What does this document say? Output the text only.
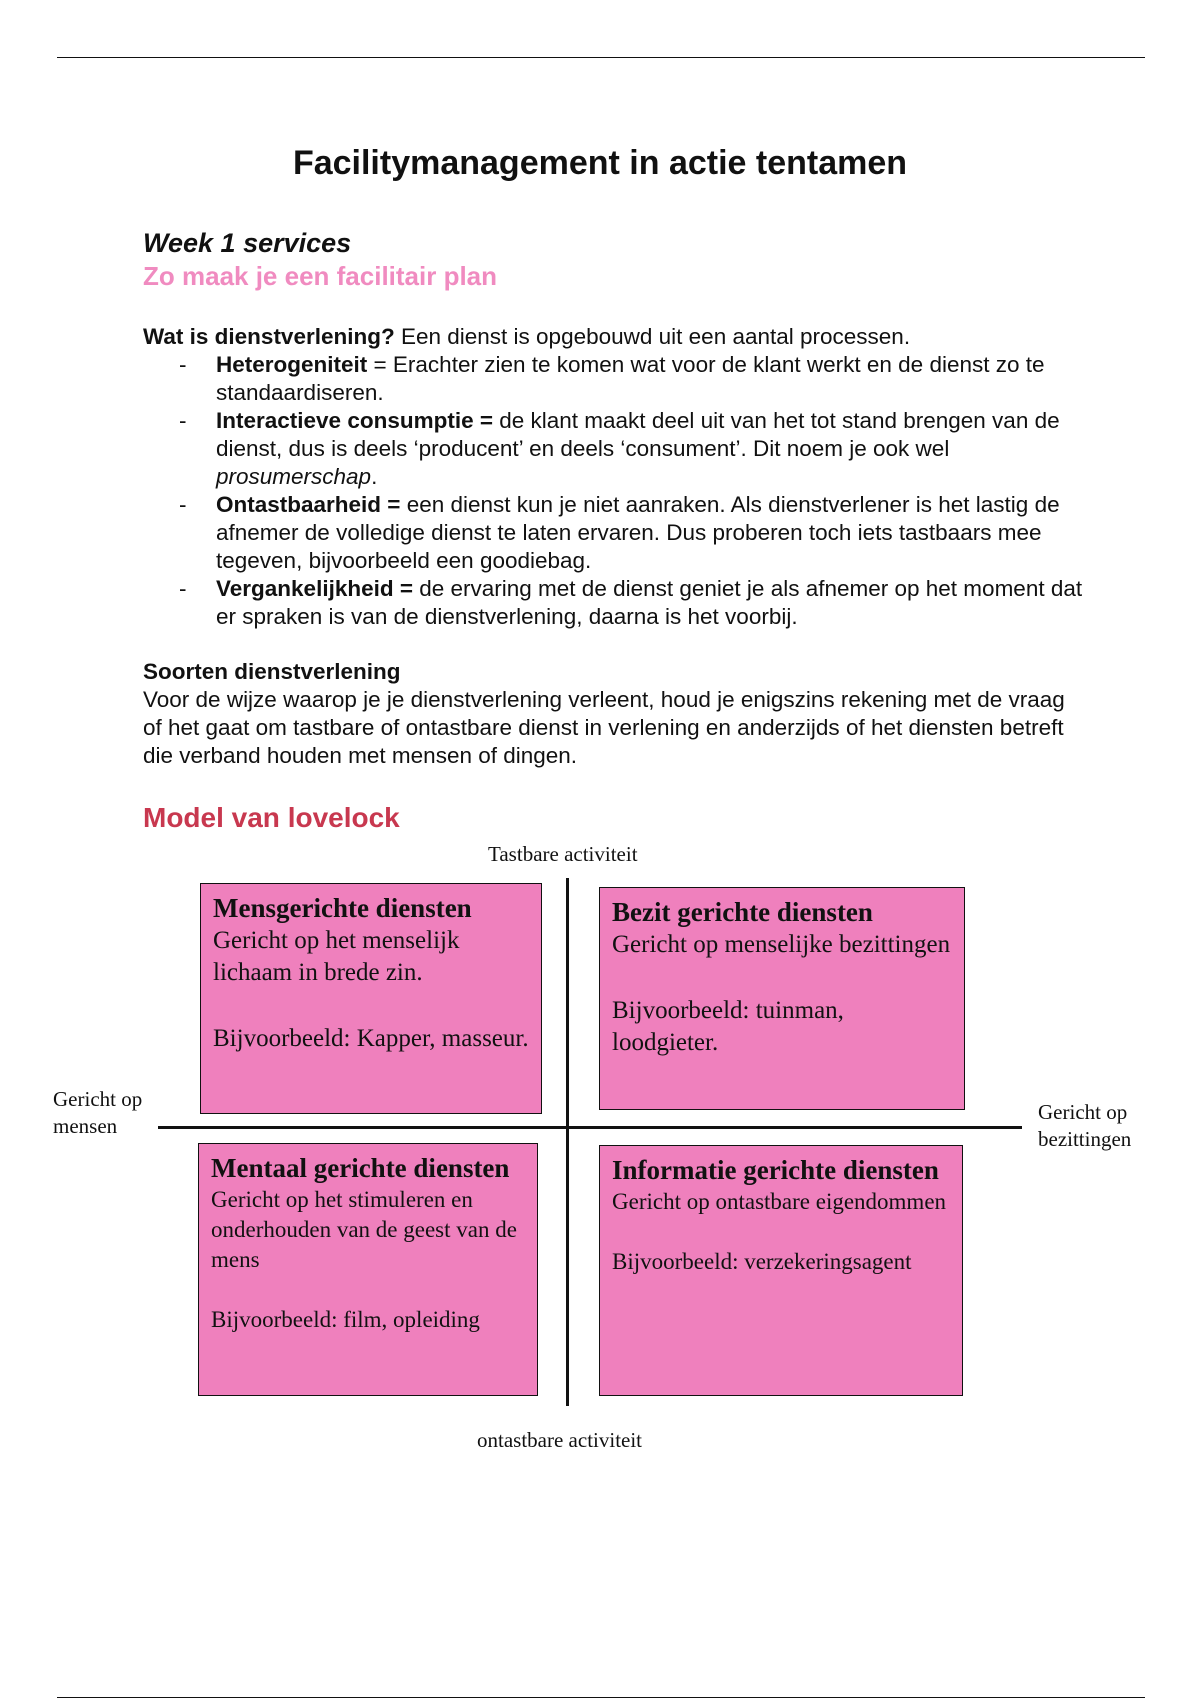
Facilitymanagement in actie tentamen
Week 1 services
Zo maak je een facilitair plan

Wat is dienstverlening? Een dienst is opgebouwd uit een aantal processen.

- Heterogeniteit = Erachter zien te komen wat voor de klant werkt en de dienst zo te standaardiseren.
- Interactieve consumptie = de klant maakt deel uit van het tot stand brengen van de dienst, dus is deels ‘producent’ en deels ‘consument’. Dit noem je ook wel prosumerschap.
- Ontastbaarheid = een dienst kun je niet aanraken. Als dienstverlener is het lastig de afnemer de volledige dienst te laten ervaren. Dus proberen toch iets tastbaars mee tegeven, bijvoorbeeld een goodiebag.
- Vergankelijkheid = de ervaring met de dienst geniet je als afnemer op het moment dat er spraken is van de dienstverlening, daarna is het voorbij.

Soorten dienstverlening

Voor de wijze waarop je je dienstverlening verleent, houd je enigszins rekening met de vraag of het gaat om tastbare of ontastbare dienst in verlening en anderzijds of het diensten betreft die verband houden met mensen of dingen.

Model van lovelock

Tastbare activiteit

ontastbare activiteit

Gericht op
mensen

Gericht op
bezittingen

Mensgerichte diensten

Gericht op het menselijk lichaam in brede zin.

Bijvoorbeeld: Kapper, masseur.

Bezit gerichte diensten

Gericht op menselijke bezittingen

Bijvoorbeeld: tuinman, loodgieter.

Mentaal gerichte diensten

Gericht op het stimuleren en onderhouden van de geest van de mens

Bijvoorbeeld: film, opleiding

Informatie gerichte diensten

Gericht op ontastbare eigendommen

Bijvoorbeeld: verzekeringsagent
